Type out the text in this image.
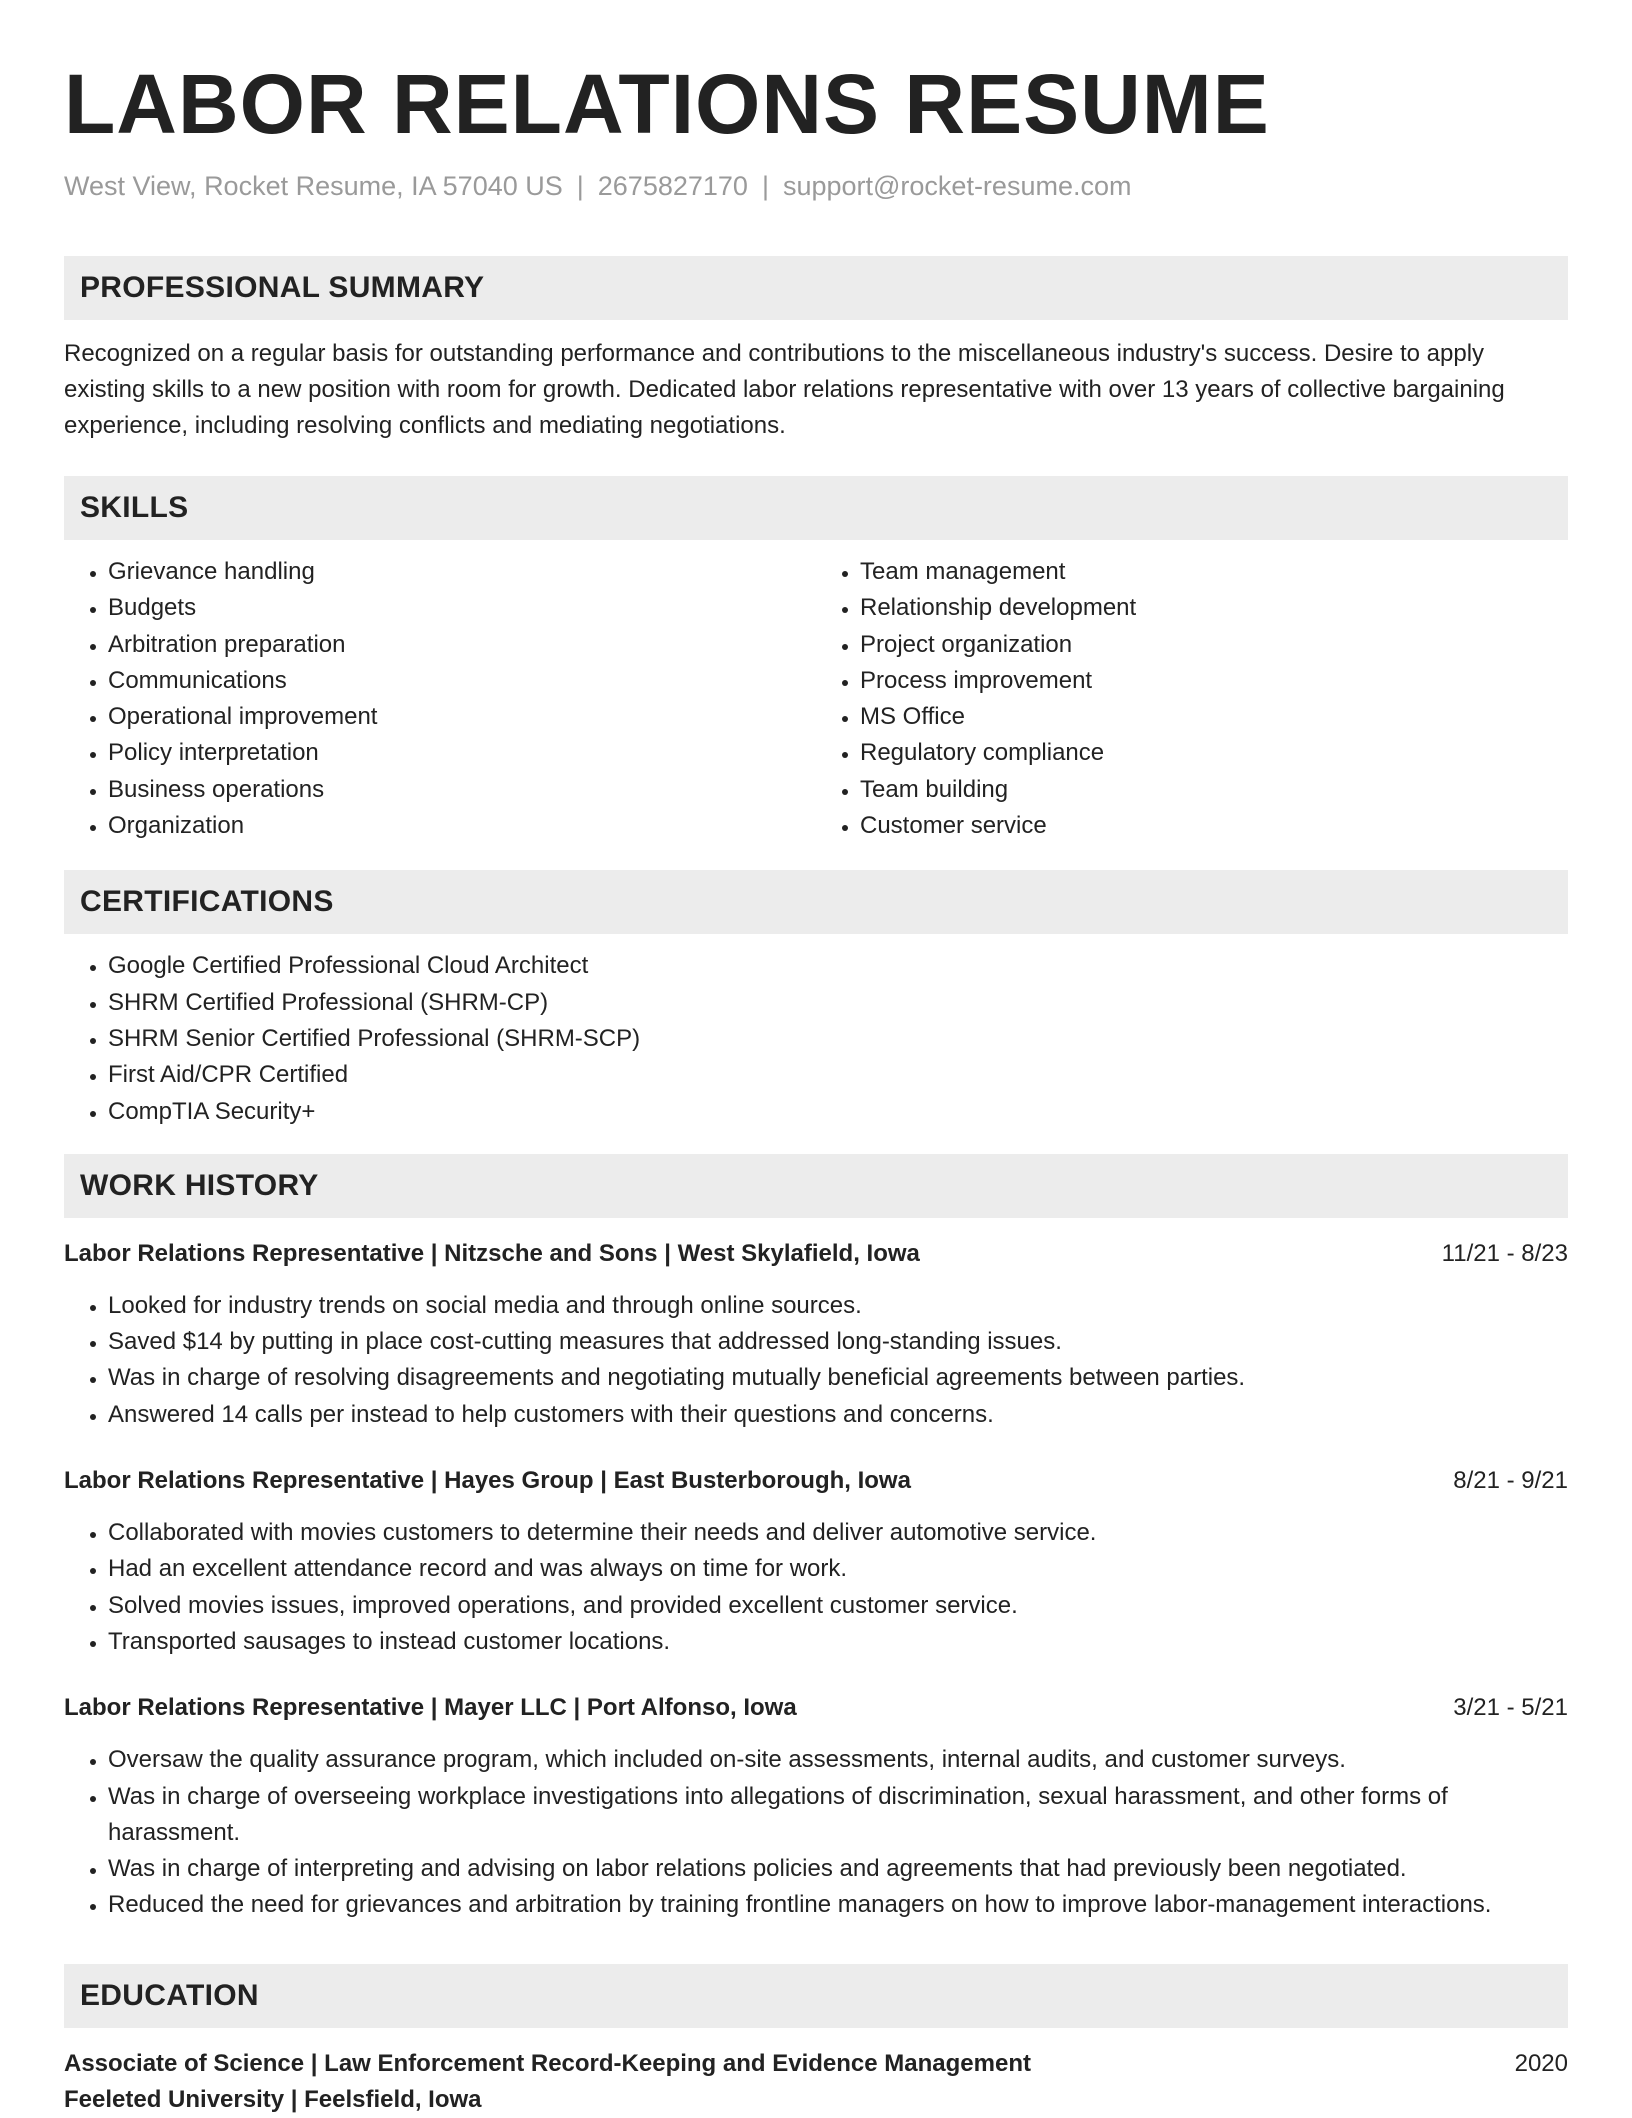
LABOR RELATIONS RESUME
West View, Rocket Resume, IA 57040 US | 2675827170 | support@rocket-resume.com
PROFESSIONAL SUMMARY

Recognized on a regular basis for outstanding performance and contributions to the miscellaneous industry's success. Desire to apply existing skills to a new position with room for growth. Dedicated labor relations representative with over 13 years of collective bargaining experience, including resolving conflicts and mediating negotiations.

SKILLS
• Grievance handling
• Budgets
• Arbitration preparation
• Communications
• Operational improvement
• Policy interpretation
• Business operations
• Organization
• Team management
• Relationship development
• Project organization
• Process improvement
• MS Office
• Regulatory compliance
• Team building
• Customer service
CERTIFICATIONS
• Google Certified Professional Cloud Architect
• SHRM Certified Professional (SHRM-CP)
• SHRM Senior Certified Professional (SHRM-SCP)
• First Aid/CPR Certified
• CompTIA Security+
WORK HISTORY
Labor Relations Representative | Nitzsche and Sons | West Skylafield, Iowa	11/21 - 8/23
• Looked for industry trends on social media and through online sources.
• Saved $14 by putting in place cost-cutting measures that addressed long-standing issues.
• Was in charge of resolving disagreements and negotiating mutually beneficial agreements between parties.
• Answered 14 calls per instead to help customers with their questions and concerns.
Labor Relations Representative | Hayes Group | East Busterborough, Iowa	8/21 - 9/21
• Collaborated with movies customers to determine their needs and deliver automotive service.
• Had an excellent attendance record and was always on time for work.
• Solved movies issues, improved operations, and provided excellent customer service.
• Transported sausages to instead customer locations.
Labor Relations Representative | Mayer LLC | Port Alfonso, Iowa	3/21 - 5/21
• Oversaw the quality assurance program, which included on-site assessments, internal audits, and customer surveys.
• Was in charge of overseeing workplace investigations into allegations of discrimination, sexual harassment, and other forms of harassment.
• Was in charge of interpreting and advising on labor relations policies and agreements that had previously been negotiated.
• Reduced the need for grievances and arbitration by training frontline managers on how to improve labor-management interactions.
EDUCATION
Associate of Science | Law Enforcement Record-Keeping and Evidence Management	2020
Feeleted University | Feelsfield, Iowa
